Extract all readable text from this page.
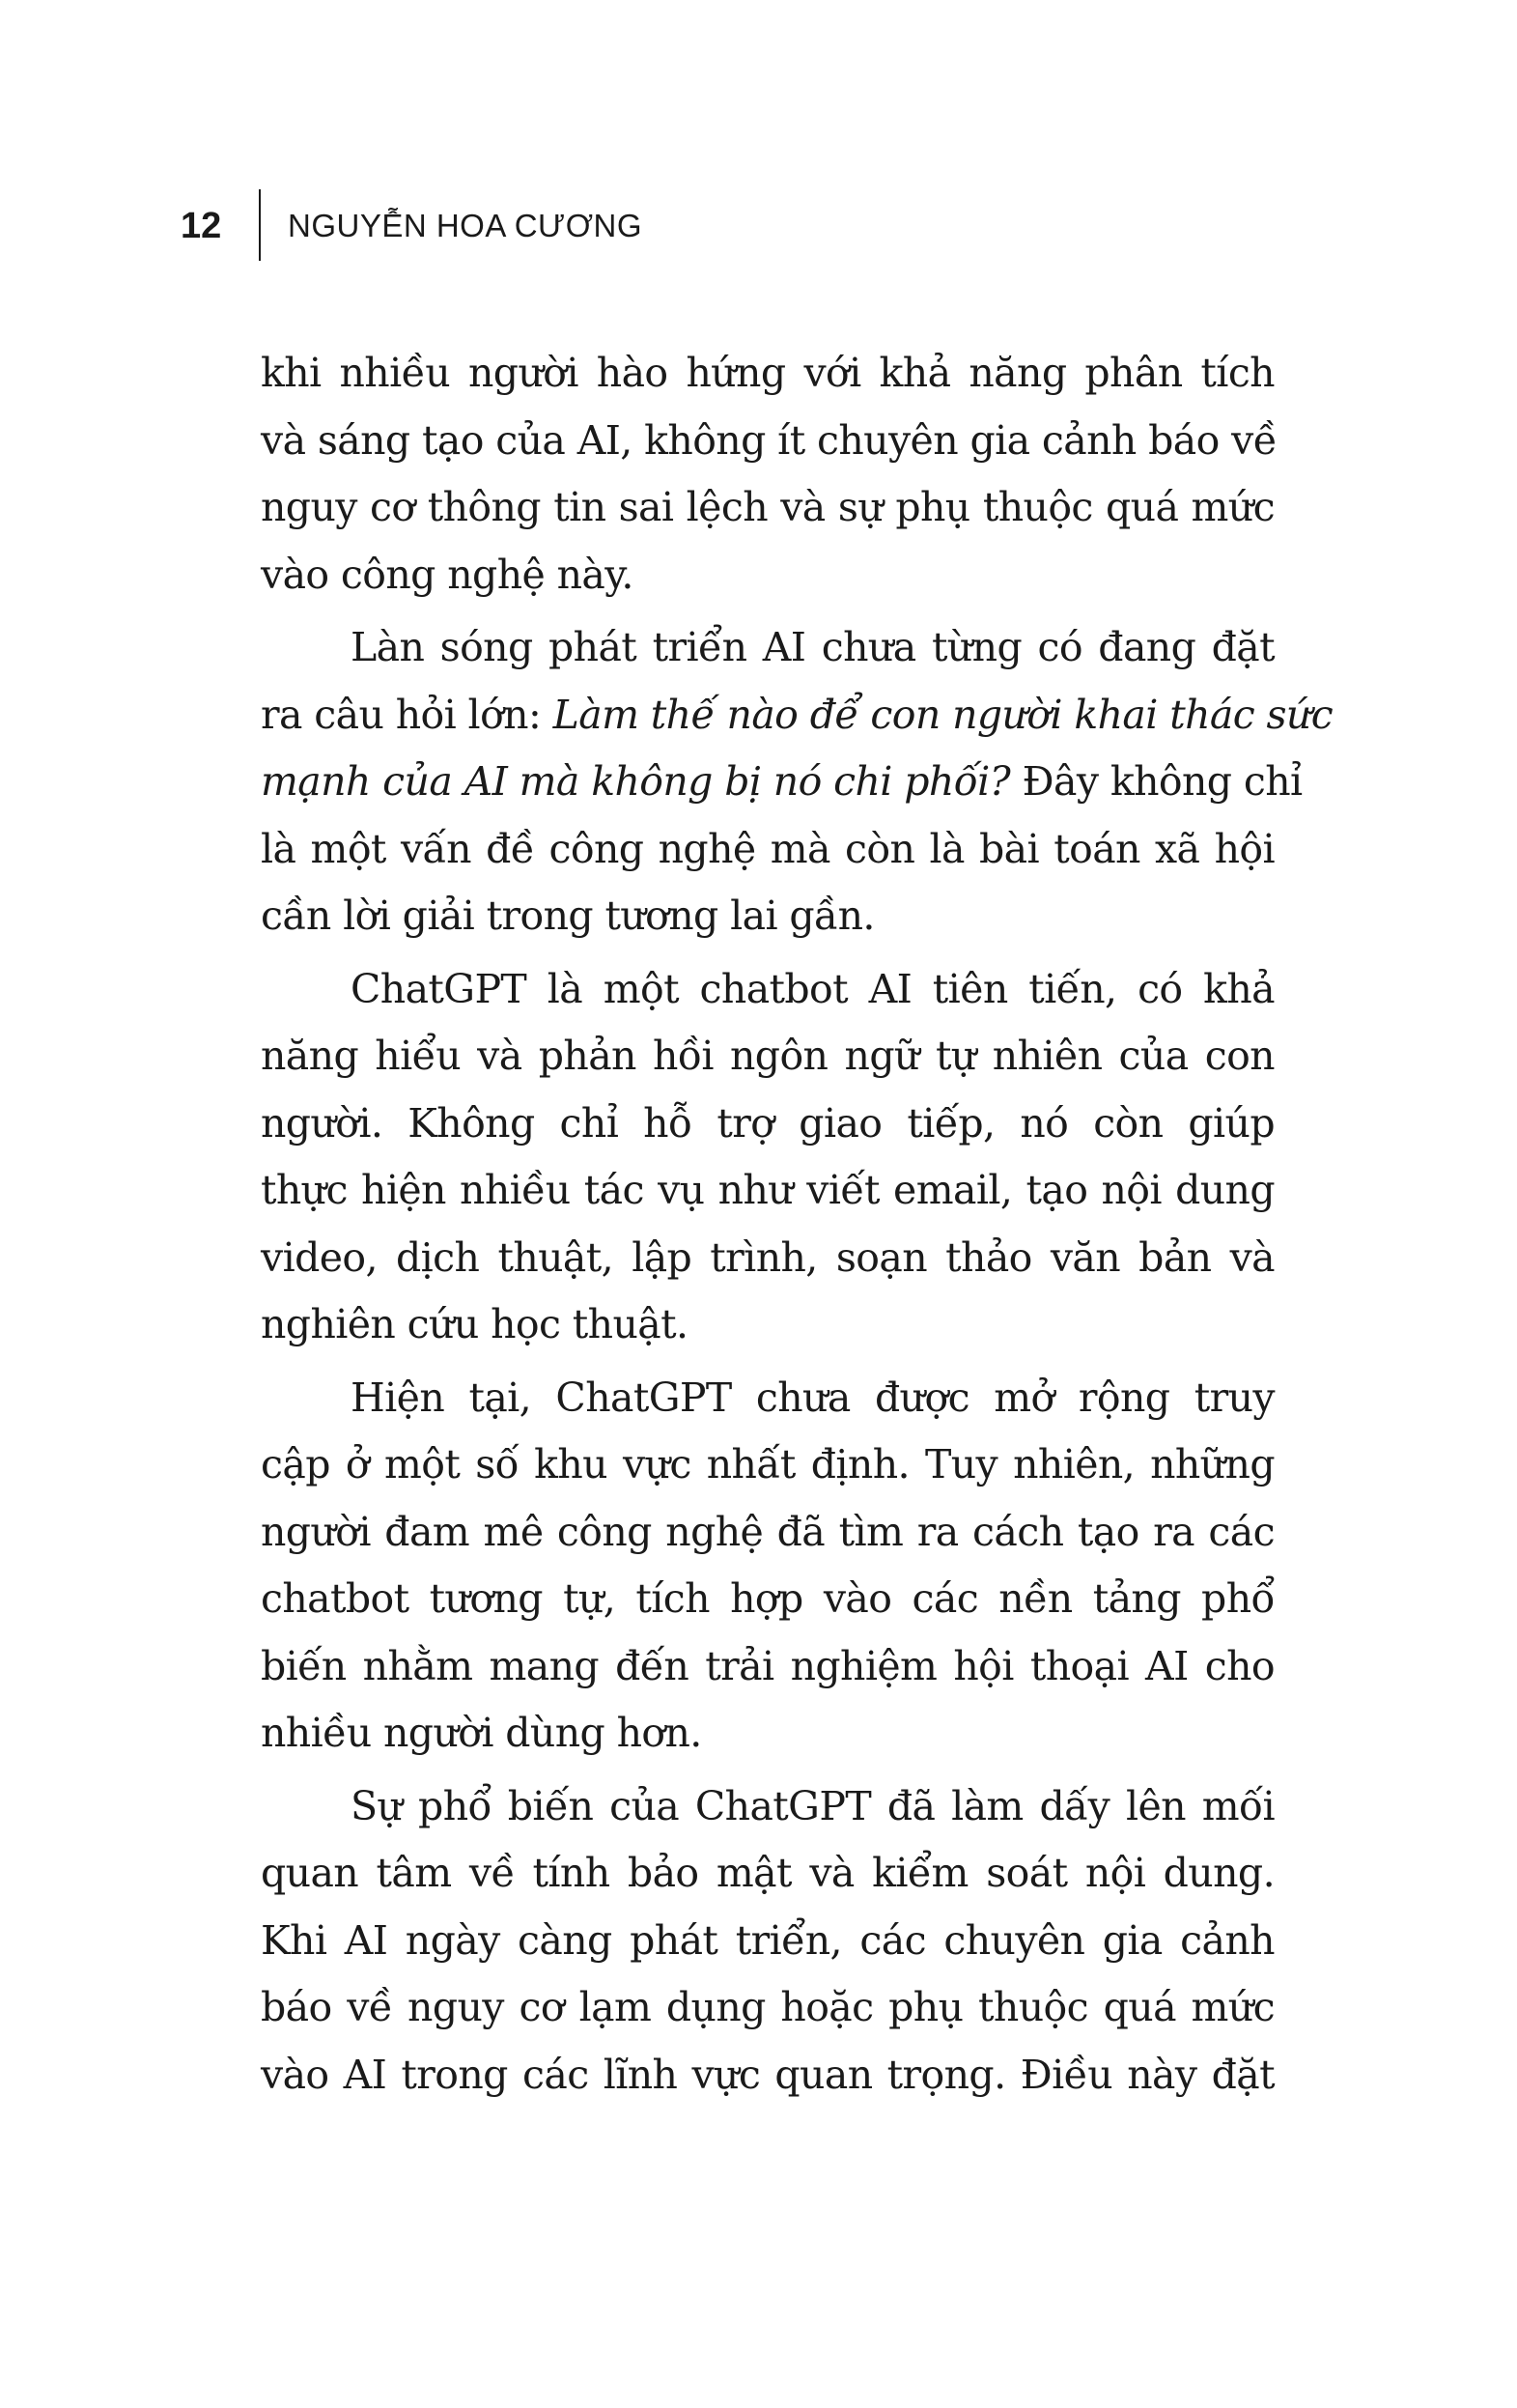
12 NGUYỄN HOA CƯƠNG
khi nhiều người hào hứng với khả năng phân tích
và sáng tạo của AI, không ít chuyên gia cảnh báo về
nguy cơ thông tin sai lệch và sự phụ thuộc quá mức
vào công nghệ này.
Làn sóng phát triển AI chưa từng có đang đặt
ra câu hỏi lớn: Làm thế nào để con người khai thác sức
mạnh của AI mà không bị nó chi phối? Đây không chỉ
là một vấn đề công nghệ mà còn là bài toán xã hội
cần lời giải trong tương lai gần.
ChatGPT là một chatbot AI tiên tiến, có khả
năng hiểu và phản hồi ngôn ngữ tự nhiên của con
người. Không chỉ hỗ trợ giao tiếp, nó còn giúp
thực hiện nhiều tác vụ như viết email, tạo nội dung
video, dịch thuật, lập trình, soạn thảo văn bản và
nghiên cứu học thuật.
Hiện tại, ChatGPT chưa được mở rộng truy
cập ở một số khu vực nhất định. Tuy nhiên, những
người đam mê công nghệ đã tìm ra cách tạo ra các
chatbot tương tự, tích hợp vào các nền tảng phổ
biến nhằm mang đến trải nghiệm hội thoại AI cho
nhiều người dùng hơn.
Sự phổ biến của ChatGPT đã làm dấy lên mối
quan tâm về tính bảo mật và kiểm soát nội dung.
Khi AI ngày càng phát triển, các chuyên gia cảnh
báo về nguy cơ lạm dụng hoặc phụ thuộc quá mức
vào AI trong các lĩnh vực quan trọng. Điều này đặt
